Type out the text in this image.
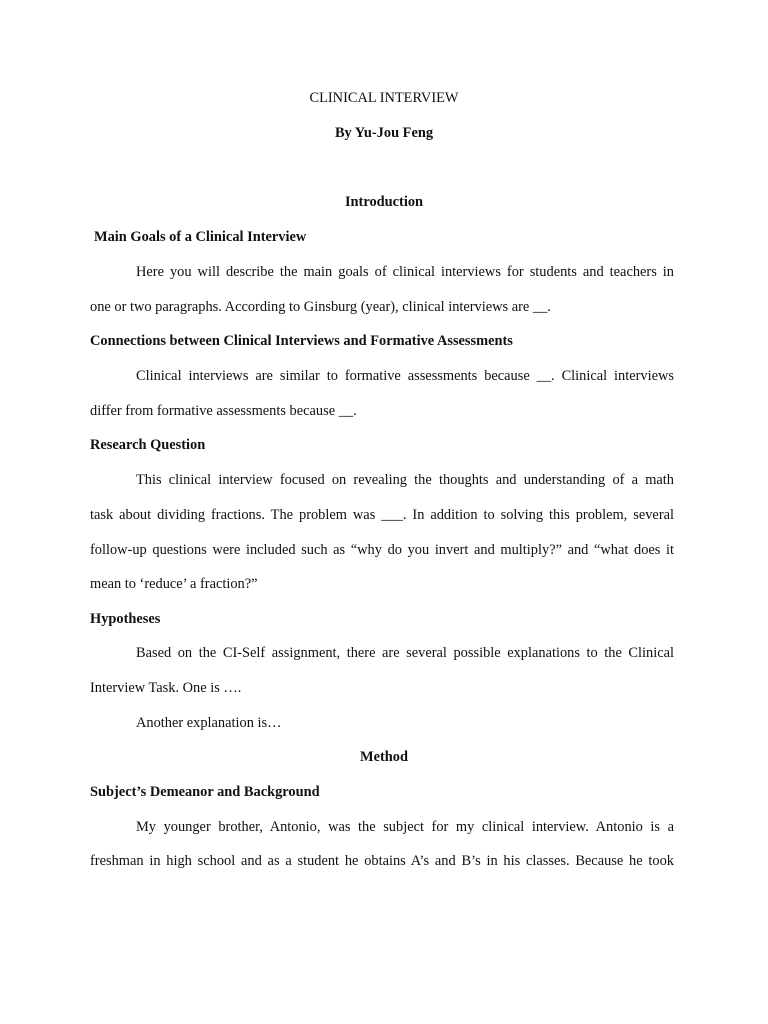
CLINICAL INTERVIEW
By Yu-Jou Feng
Introduction
Main Goals of a Clinical Interview
Here you will describe the main goals of clinical interviews for students and teachers in
one or two paragraphs. According to Ginsburg (year), clinical interviews are __.
Connections between Clinical Interviews and Formative Assessments
Clinical interviews are similar to formative assessments because __. Clinical interviews
differ from formative assessments because __.
Research Question
This clinical interview focused on revealing the thoughts and understanding of a math
task about dividing fractions. The problem was ___. In addition to solving this problem, several
follow-up questions were included such as “why do you invert and multiply?” and “what does it
mean to ‘reduce’ a fraction?”
Hypotheses
Based on the CI-Self assignment, there are several possible explanations to the Clinical
Interview Task. One is ….
Another explanation is…
Method
Subject’s Demeanor and Background
My younger brother, Antonio, was the subject for my clinical interview. Antonio is a
freshman in high school and as a student he obtains A’s and B’s in his classes. Because he took
